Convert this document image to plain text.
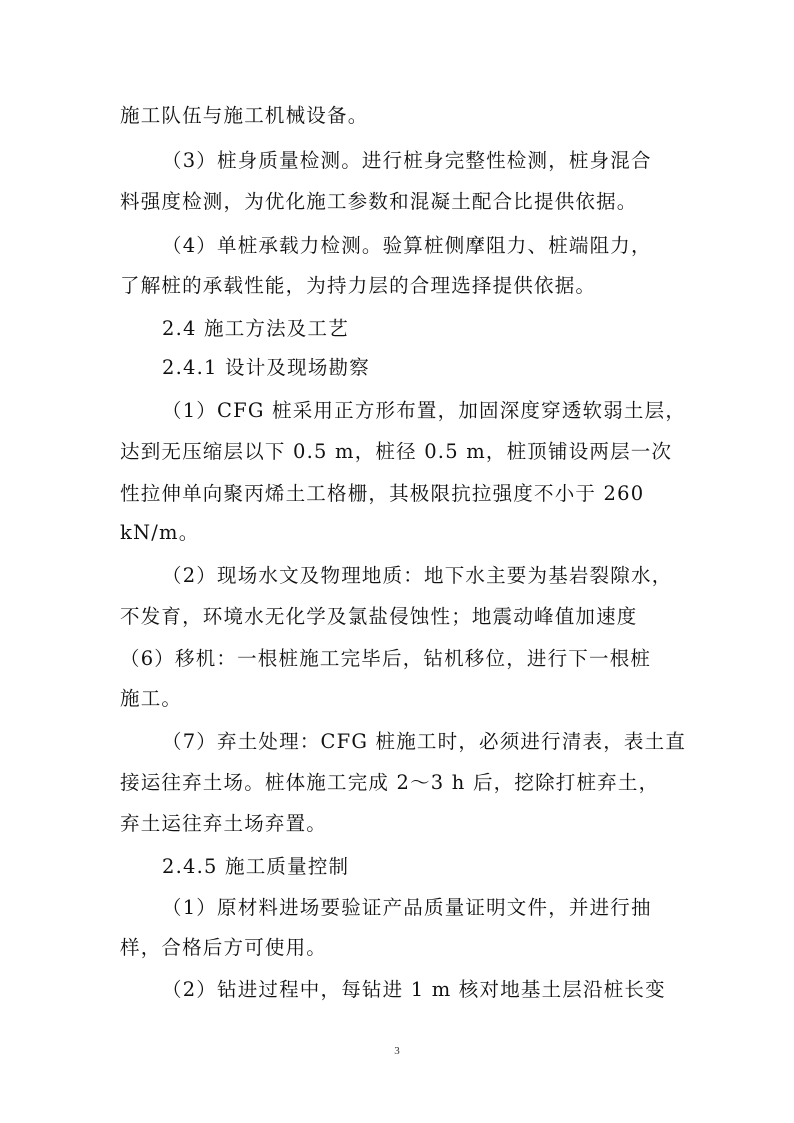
施工队伍与施工机械设备。
（3）桩身质量检测。进行桩身完整性检测，桩身混合
料强度检测，为优化施工参数和混凝土配合比提供依据。
（4）单桩承载力检测。验算桩侧摩阻力、桩端阻力，
了解桩的承载性能，为持力层的合理选择提供依据。
2.4 施工方法及工艺
2.4.1 设计及现场勘察
（1）CFG 桩采用正方形布置，加固深度穿透软弱土层，
达到无压缩层以下 0.5 m，桩径 0.5 m，桩顶铺设两层一次
性拉伸单向聚丙烯土工格栅，其极限抗拉强度不小于 260
kN/m。
（2）现场水文及物理地质：地下水主要为基岩裂隙水，
不发育，环境水无化学及氯盐侵蚀性；地震动峰值加速度
（6）移机：一根桩施工完毕后，钻机移位，进行下一根桩
施工。
（7）弃土处理：CFG 桩施工时，必须进行清表，表土直
接运往弃土场。桩体施工完成 2～3 h 后，挖除打桩弃土，
弃土运往弃土场弃置。
2.4.5 施工质量控制
（1）原材料进场要验证产品质量证明文件，并进行抽
样，合格后方可使用。
（2）钻进过程中，每钻进 1 m 核对地基土层沿桩长变
3
